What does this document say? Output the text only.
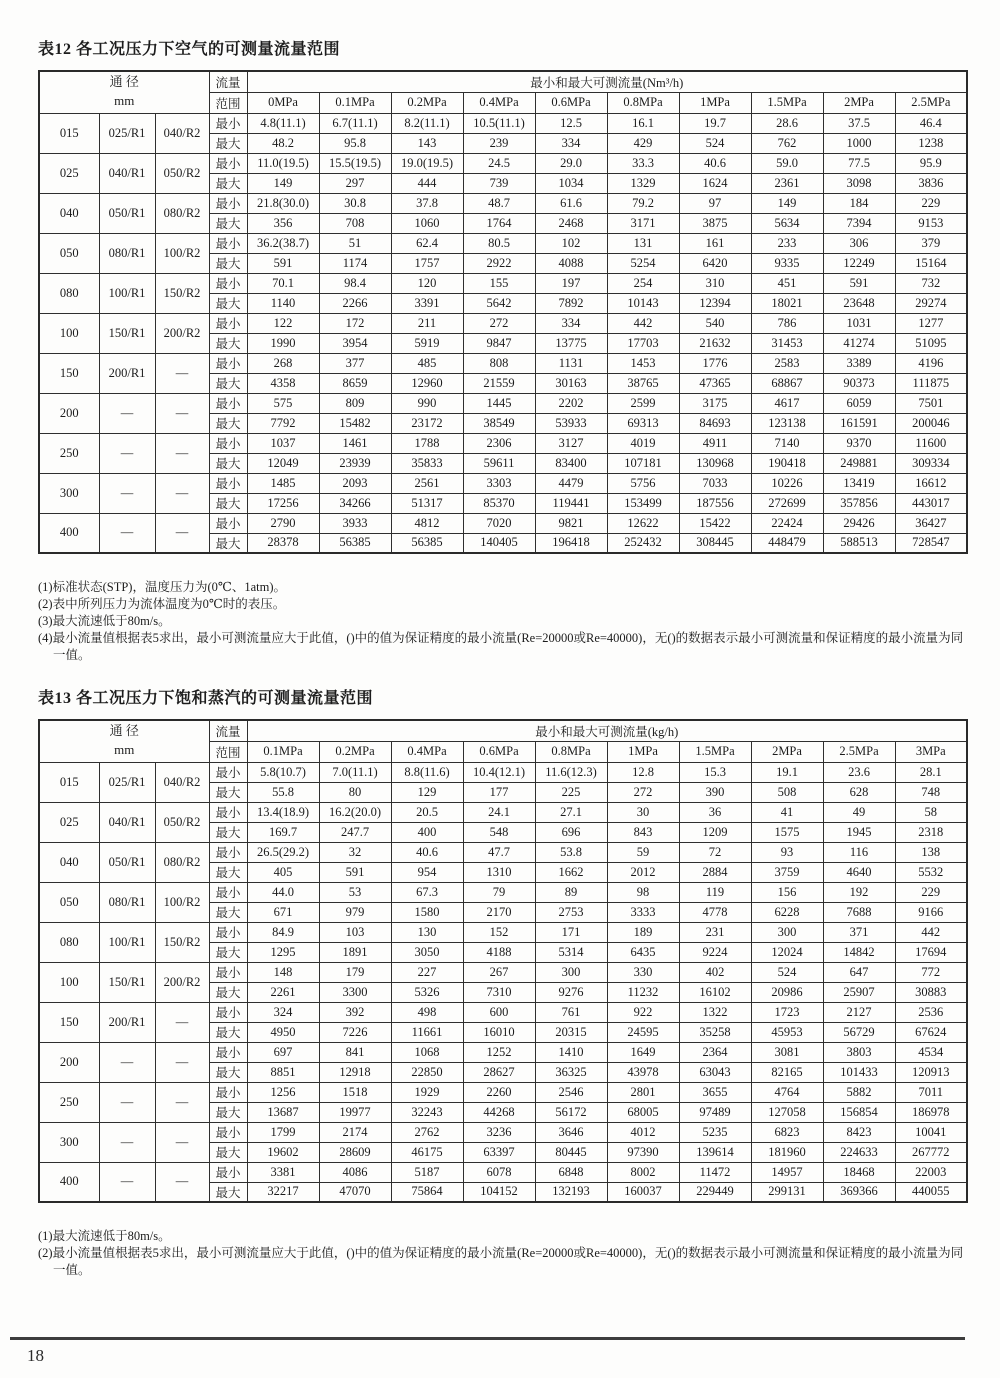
表12 各工况压力下空气的可测量流量范围
通 径
mm			流量	最小和最大可测流量(Nm³/h)									
			范围	0MPa	0.1MPa	0.2MPa	0.4MPa	0.6MPa	0.8MPa	1MPa	1.5MPa	2MPa	2.5MPa
015	025/R1	040/R2	最小	4.8(11.1)	6.7(11.1)	8.2(11.1)	10.5(11.1)	12.5	16.1	19.7	28.6	37.5	46.4
			最大	48.2	95.8	143	239	334	429	524	762	1000	1238
025	040/R1	050/R2	最小	11.0(19.5)	15.5(19.5)	19.0(19.5)	24.5	29.0	33.3	40.6	59.0	77.5	95.9
			最大	149	297	444	739	1034	1329	1624	2361	3098	3836
040	050/R1	080/R2	最小	21.8(30.0)	30.8	37.8	48.7	61.6	79.2	97	149	184	229
			最大	356	708	1060	1764	2468	3171	3875	5634	7394	9153
050	080/R1	100/R2	最小	36.2(38.7)	51	62.4	80.5	102	131	161	233	306	379
			最大	591	1174	1757	2922	4088	5254	6420	9335	12249	15164
080	100/R1	150/R2	最小	70.1	98.4	120	155	197	254	310	451	591	732
			最大	1140	2266	3391	5642	7892	10143	12394	18021	23648	29274
100	150/R1	200/R2	最小	122	172	211	272	334	442	540	786	1031	1277
			最大	1990	3954	5919	9847	13775	17703	21632	31453	41274	51095
150	200/R1	—	最小	268	377	485	808	1131	1453	1776	2583	3389	4196
			最大	4358	8659	12960	21559	30163	38765	47365	68867	90373	111875
200	—	—	最小	575	809	990	1445	2202	2599	3175	4617	6059	7501
			最大	7792	15482	23172	38549	53933	69313	84693	123138	161591	200046
250	—	—	最小	1037	1461	1788	2306	3127	4019	4911	7140	9370	11600
			最大	12049	23939	35833	59611	83400	107181	130968	190418	249881	309334
300	—	—	最小	1485	2093	2561	3303	4479	5756	7033	10226	13419	16612
			最大	17256	34266	51317	85370	119441	153499	187556	272699	357856	443017
400	—	—	最小	2790	3933	4812	7020	9821	12622	15422	22424	29426	36427
			最大	28378	56385	56385	140405	196418	252432	308445	448479	588513	728547
(1)标准状态(STP)，温度压力为(0℃、1atm)。
(2)表中所列压力为流体温度为0℃时的表压。
(3)最大流速低于80m/s。
(4)最小流量值根据表5求出，最小可测流量应大于此值，()中的值为保证精度的最小流量(Re=20000或Re=40000)，无()的数据表示最小可测流量和保证精度的最小流量为同一值。
表13 各工况压力下饱和蒸汽的可测量流量范围
通 径
mm			流量	最小和最大可测流量(kg/h)									
			范围	0.1MPa	0.2MPa	0.4MPa	0.6MPa	0.8MPa	1MPa	1.5MPa	2MPa	2.5MPa	3MPa
015	025/R1	040/R2	最小	5.8(10.7)	7.0(11.1)	8.8(11.6)	10.4(12.1)	11.6(12.3)	12.8	15.3	19.1	23.6	28.1
			最大	55.8	80	129	177	225	272	390	508	628	748
025	040/R1	050/R2	最小	13.4(18.9)	16.2(20.0)	20.5	24.1	27.1	30	36	41	49	58
			最大	169.7	247.7	400	548	696	843	1209	1575	1945	2318
040	050/R1	080/R2	最小	26.5(29.2)	32	40.6	47.7	53.8	59	72	93	116	138
			最大	405	591	954	1310	1662	2012	2884	3759	4640	5532
050	080/R1	100/R2	最小	44.0	53	67.3	79	89	98	119	156	192	229
			最大	671	979	1580	2170	2753	3333	4778	6228	7688	9166
080	100/R1	150/R2	最小	84.9	103	130	152	171	189	231	300	371	442
			最大	1295	1891	3050	4188	5314	6435	9224	12024	14842	17694
100	150/R1	200/R2	最小	148	179	227	267	300	330	402	524	647	772
			最大	2261	3300	5326	7310	9276	11232	16102	20986	25907	30883
150	200/R1	—	最小	324	392	498	600	761	922	1322	1723	2127	2536
			最大	4950	7226	11661	16010	20315	24595	35258	45953	56729	67624
200	—	—	最小	697	841	1068	1252	1410	1649	2364	3081	3803	4534
			最大	8851	12918	22850	28627	36325	43978	63043	82165	101433	120913
250	—	—	最小	1256	1518	1929	2260	2546	2801	3655	4764	5882	7011
			最大	13687	19977	32243	44268	56172	68005	97489	127058	156854	186978
300	—	—	最小	1799	2174	2762	3236	3646	4012	5235	6823	8423	10041
			最大	19602	28609	46175	63397	80445	97390	139614	181960	224633	267772
400	—	—	最小	3381	4086	5187	6078	6848	8002	11472	14957	18468	22003
			最大	32217	47070	75864	104152	132193	160037	229449	299131	369366	440055
(1)最大流速低于80m/s。
(2)最小流量值根据表5求出，最小可测流量应大于此值，()中的值为保证精度的最小流量(Re=20000或Re=40000)，无()的数据表示最小可测流量和保证精度的最小流量为同一值。
18
